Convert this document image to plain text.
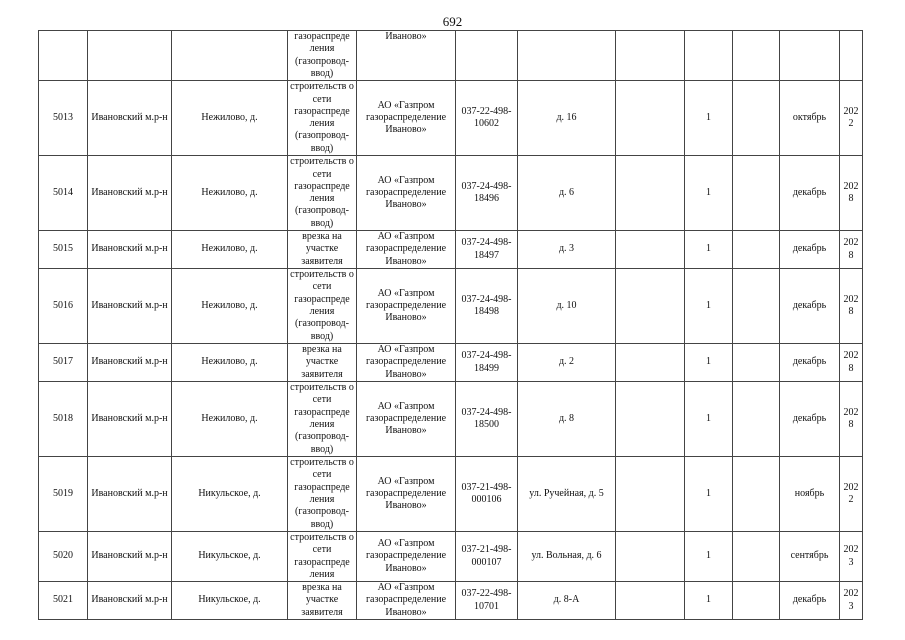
692
			газораспреде ления (газопровод-ввод)	Иваново»							
5013	Ивановский м.р-н	Нежилово, д.	строительств о сети газораспреде ления (газопровод-ввод)	АО «Газпром газораспределение Иваново»	037-22-498-10602	д. 16		1		октябрь	2022
5014	Ивановский м.р-н	Нежилово, д.	строительств о сети газораспреде ления (газопровод-ввод)	АО «Газпром газораспределение Иваново»	037-24-498-18496	д. 6		1		декабрь	2028
5015	Ивановский м.р-н	Нежилово, д.	врезка на участке заявителя	АО «Газпром газораспределение Иваново»	037-24-498-18497	д. 3		1		декабрь	2028
5016	Ивановский м.р-н	Нежилово, д.	строительств о сети газораспреде ления (газопровод-ввод)	АО «Газпром газораспределение Иваново»	037-24-498-18498	д. 10		1		декабрь	2028
5017	Ивановский м.р-н	Нежилово, д.	врезка на участке заявителя	АО «Газпром газораспределение Иваново»	037-24-498-18499	д. 2		1		декабрь	2028
5018	Ивановский м.р-н	Нежилово, д.	строительств о сети газораспреде ления (газопровод-ввод)	АО «Газпром газораспределение Иваново»	037-24-498-18500	д. 8		1		декабрь	2028
5019	Ивановский м.р-н	Никульское, д.	строительств о сети газораспреде ления (газопровод-ввод)	АО «Газпром газораспределение Иваново»	037-21-498-000106	ул. Ручейная, д. 5		1		ноябрь	2022
5020	Ивановский м.р-н	Никульское, д.	строительств о сети газораспреде ления	АО «Газпром газораспределение Иваново»	037-21-498-000107	ул. Вольная, д. 6		1		сентябрь	2023
5021	Ивановский м.р-н	Никульское, д.	врезка на участке заявителя	АО «Газпром газораспределение Иваново»	037-22-498-10701	д. 8-А		1		декабрь	2023
